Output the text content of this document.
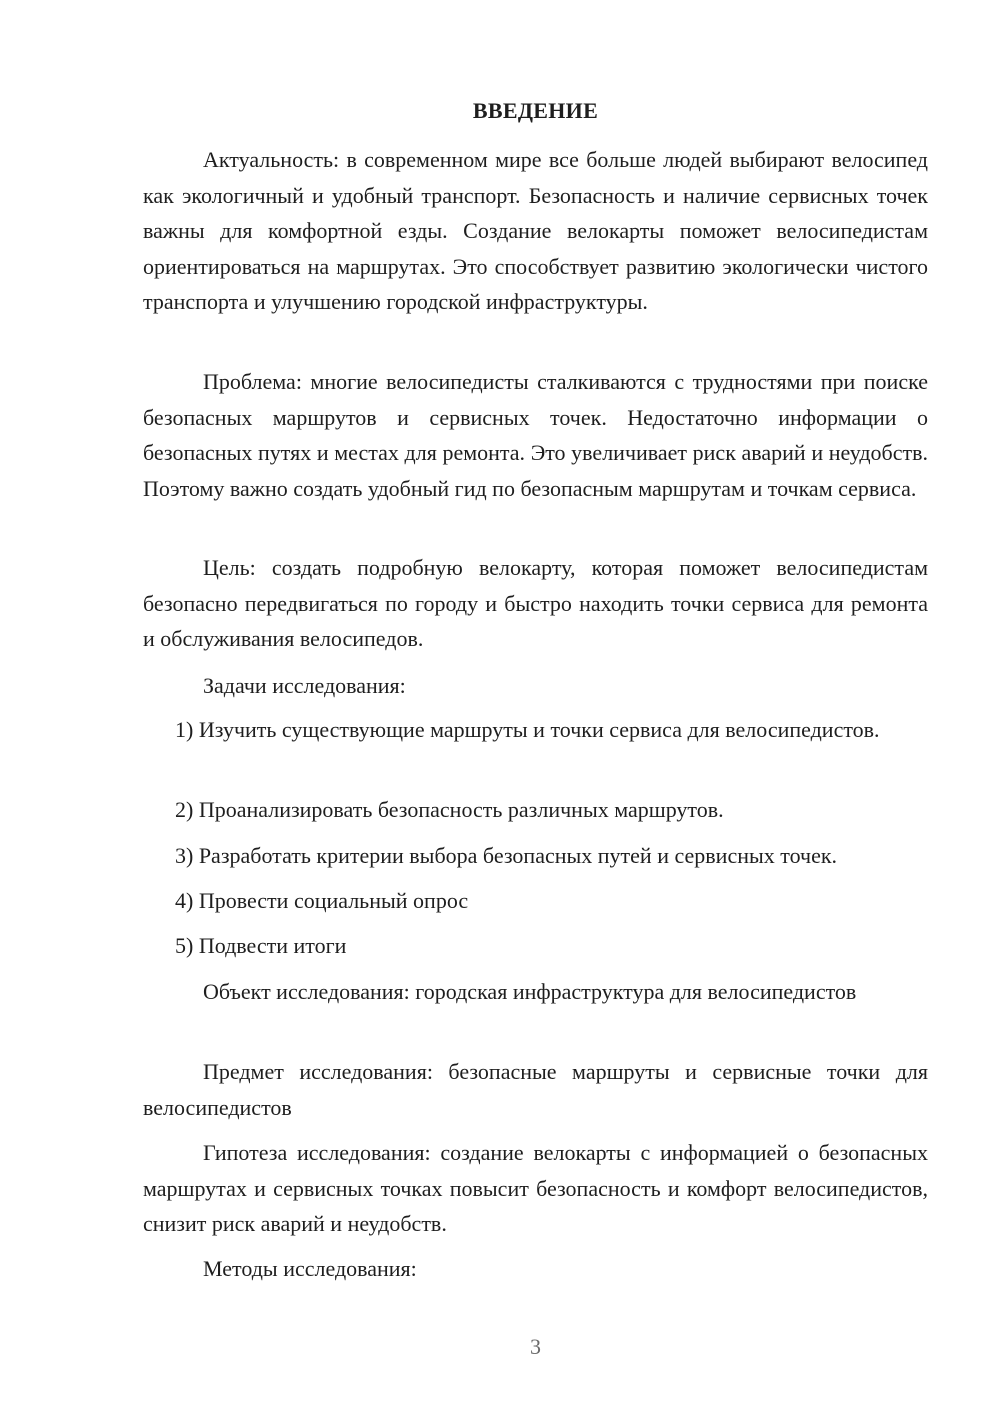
ВВЕДЕНИЕ

Актуальность: в современном мире все больше людей выбирают велосипед как экологичный и удобный транспорт. Безопасность и наличие сервисных точек важны для комфортной езды. Создание велокарты поможет велосипедистам ориентироваться на маршрутах. Это способствует развитию экологически чистого транспорта и улучшению городской инфраструктуры.

Проблема: многие велосипедисты сталкиваются с трудностями при поиске безопасных маршрутов и сервисных точек. Недостаточно информации о безопасных путях и местах для ремонта. Это увеличивает риск аварий и неудобств. Поэтому важно создать удобный гид по безопасным маршрутам и точкам сервиса.

Цель: создать подробную велокарту, которая поможет велосипедистам безопасно передвигаться по городу и быстро находить точки сервиса для ремонта и обслуживания велосипедов.

Задачи исследования:

1) Изучить существующие маршруты и точки сервиса для велосипедистов.

2) Проанализировать безопасность различных маршрутов.

3) Разработать критерии выбора безопасных путей и сервисных точек.

4) Провести социальный опрос

5) Подвести итоги

Объект исследования: городская инфраструктура для велосипедистов

Предмет исследования: безопасные маршруты и сервисные точки для велосипедистов

Гипотеза исследования: создание велокарты с информацией о безопасных маршрутах и сервисных точках повысит безопасность и комфорт велосипедистов, снизит риск аварий и неудобств.

Методы исследования:

3
